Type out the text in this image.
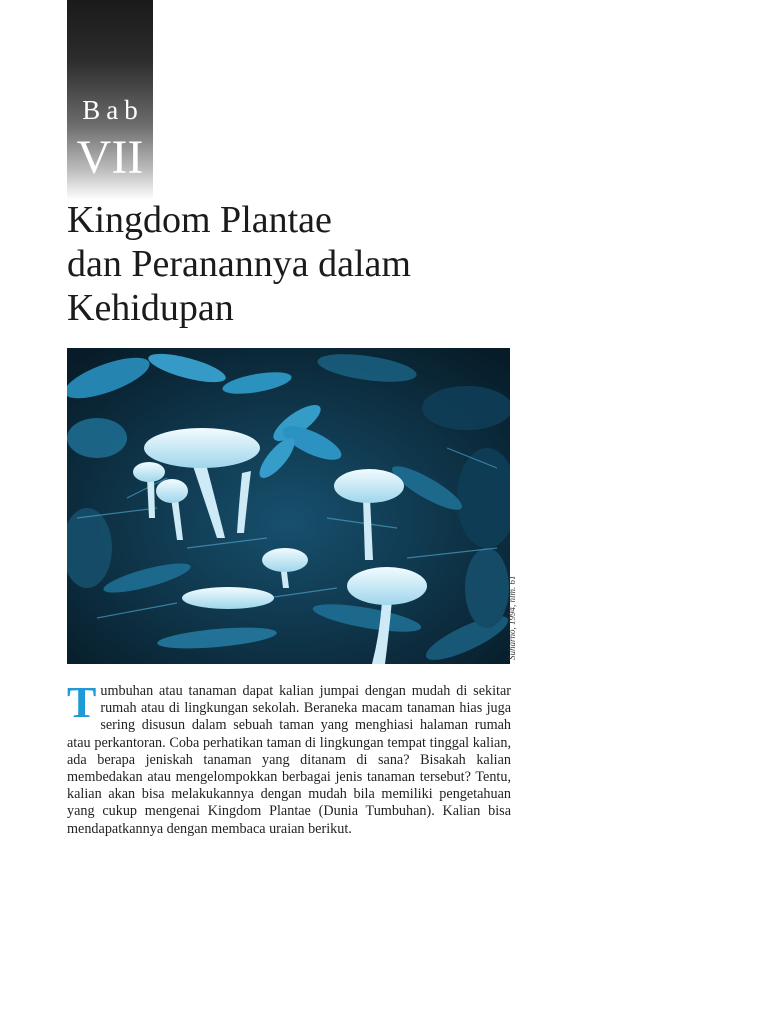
Bab
VII
Kingdom Plantae
dan Peranannya dalam
Kehidupan
Suharno, 1994, hlm. 61

Tumbuhan atau tanaman dapat kalian jumpai dengan mudah di sekitar rumah atau di lingkungan sekolah. Beraneka macam tanaman hias juga sering disusun dalam sebuah taman yang menghiasi halaman rumah atau perkantoran. Coba perhatikan taman di lingkungan tempat tinggal kalian, ada berapa jeniskah tanaman yang ditanam di sana? Bisakah kalian membedakan atau mengelompokkan berbagai jenis tanaman tersebut? Tentu, kalian akan bisa melakukannya dengan mudah bila memiliki pengetahuan yang cukup mengenai Kingdom Plantae (Dunia Tumbuhan). Kalian bisa mendapatkannya dengan membaca uraian berikut.
